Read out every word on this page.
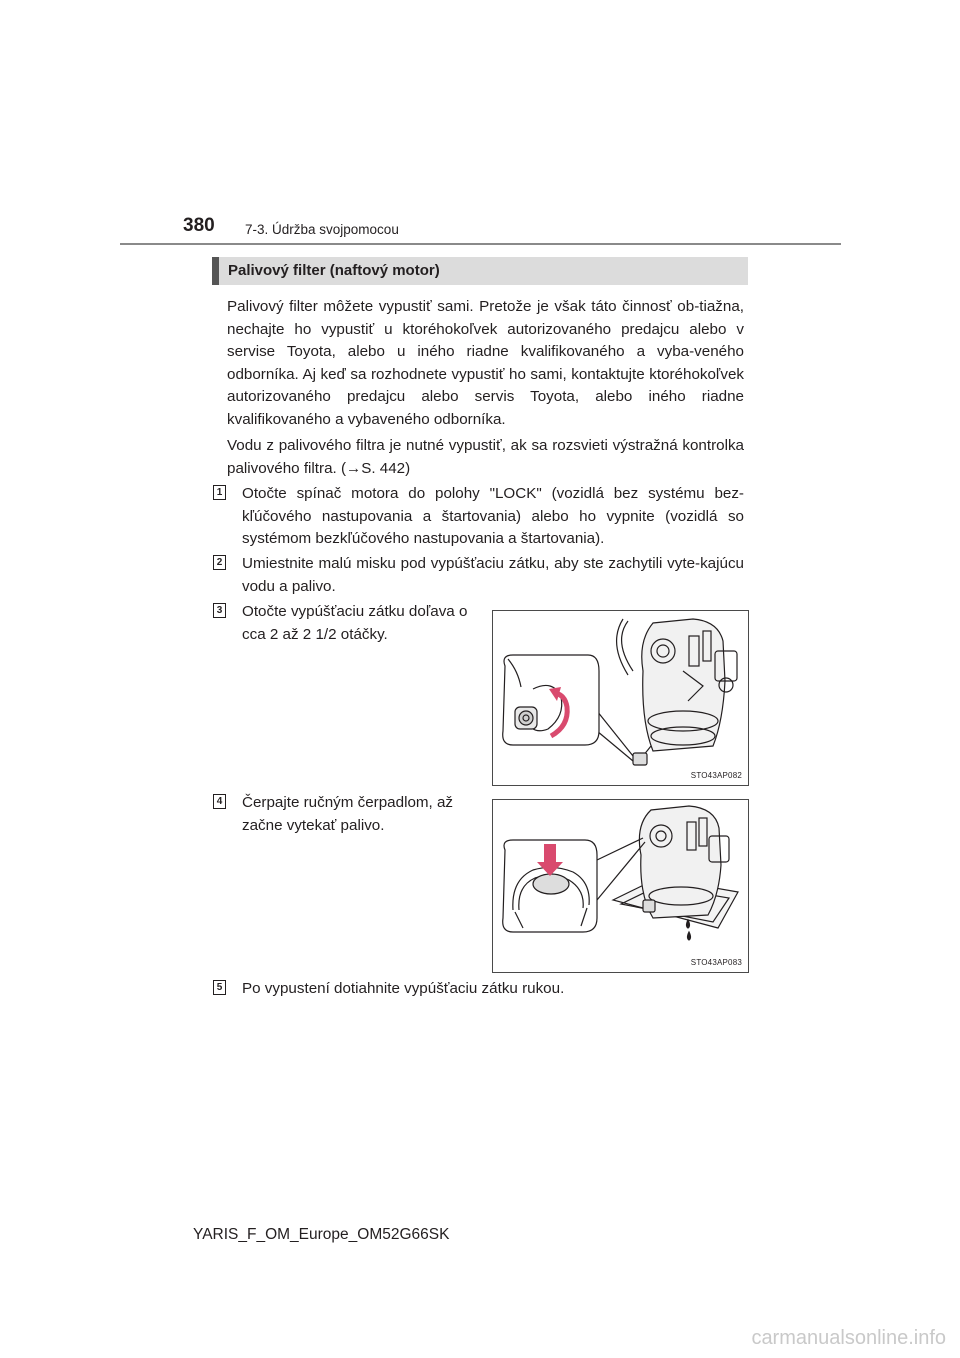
380 7-3. Údržba svojpomocou
Palivový filter (naftový motor)
Palivový filter môžete vypustiť sami. Pretože je však táto činnosť ob-tiažna, nechajte ho vypustiť u ktoréhokoľvek autorizovaného predajcu alebo v servise Toyota, alebo u iného riadne kvalifikovaného a vyba-veného odborníka. Aj keď sa rozhodnete vypustiť ho sami, kontaktujte ktoréhokoľvek autorizovaného predajcu alebo servis Toyota, alebo iného riadne kvalifikovaného a vybaveného odborníka.
Vodu z palivového filtra je nutné vypustiť, ak sa rozsvieti výstražná kontrolka palivového filtra. (→S. 442)
1 Otočte spínač motora do polohy "LOCK" (vozidlá bez systému bez-kľúčového nastupovania a štartovania) alebo ho vypnite (vozidlá so systémom bezkľúčového nastupovania a štartovania).
2 Umiestnite malú misku pod vypúšťaciu zátku, aby ste zachytili vyte-kajúcu vodu a palivo.
3 Otočte vypúšťaciu zátku doľava o cca 2 až 2 1/2 otáčky.
STO43AP082
4 Čerpajte ručným čerpadlom, až začne vytekať palivo.
STO43AP083
5 Po vypustení dotiahnite vypúšťaciu zátku rukou.
YARIS_F_OM_Europe_OM52G66SK
carmanualsonline.info
